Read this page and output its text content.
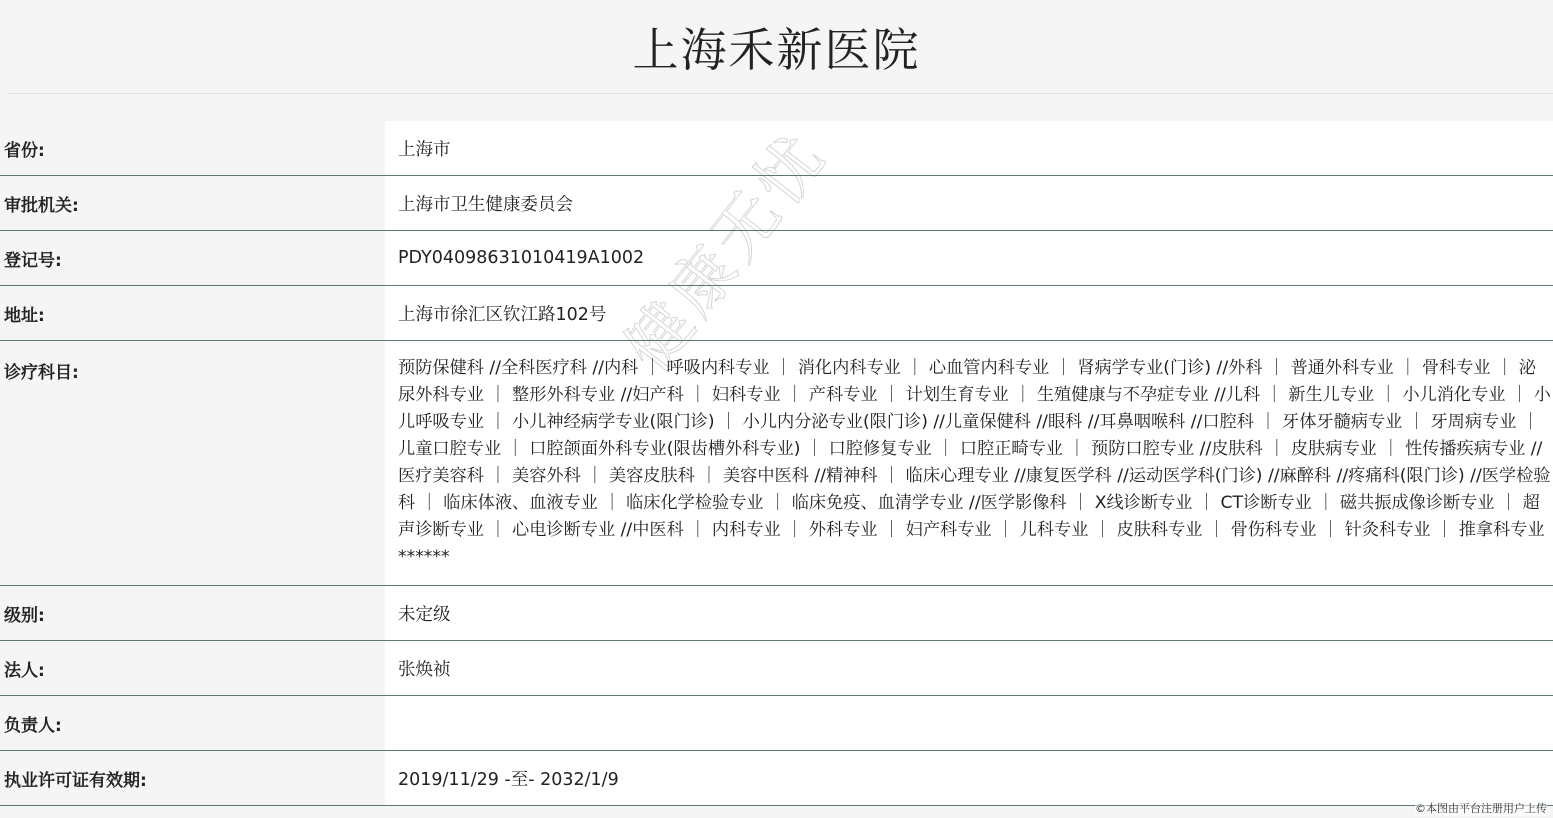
上海禾新医院
省份:	上海市
审批机关:	上海市卫生健康委员会
登记号:	PDY04098631010419A1002
地址:	上海市徐汇区钦江路102号
诊疗科目:	预防保健科 //全科医疗科 //内科 ｜ 呼吸内科专业 ｜ 消化内科专业 ｜ 心血管内科专业 ｜ 肾病学专业(门诊) //外科 ｜ 普通外科专业 ｜ 骨科专业 ｜ 泌尿外科专业 ｜ 整形外科专业 //妇产科 ｜ 妇科专业 ｜ 产科专业 ｜ 计划生育专业 ｜ 生殖健康与不孕症专业 //儿科 ｜ 新生儿专业 ｜ 小儿消化专业 ｜ 小儿呼吸专业 ｜ 小儿神经病学专业(限门诊) ｜ 小儿内分泌专业(限门诊) //儿童保健科 //眼科 //耳鼻咽喉科 //口腔科 ｜ 牙体牙髓病专业 ｜ 牙周病专业 ｜ 儿童口腔专业 ｜ 口腔颌面外科专业(限齿槽外科专业) ｜ 口腔修复专业 ｜ 口腔正畸专业 ｜ 预防口腔专业 //皮肤科 ｜ 皮肤病专业 ｜ 性传播疾病专业 //医疗美容科 ｜ 美容外科 ｜ 美容皮肤科 ｜ 美容中医科 //精神科 ｜ 临床心理专业 //康复医学科 //运动医学科(门诊) //麻醉科 //疼痛科(限门诊) //医学检验科 ｜ 临床体液、血液专业 ｜ 临床化学检验专业 ｜ 临床免疫、血清学专业 //医学影像科 ｜ X线诊断专业 ｜ CT诊断专业 ｜ 磁共振成像诊断专业 ｜ 超声诊断专业 ｜ 心电诊断专业 //中医科 ｜ 内科专业 ｜ 外科专业 ｜ 妇产科专业 ｜ 儿科专业 ｜ 皮肤科专业 ｜ 骨伤科专业 ｜ 针灸科专业 ｜ 推拿科专业******
级别:	未定级
法人:	张焕祯
负责人:
执业许可证有效期:	2019/11/29 -至- 2032/1/9
©本图由平台注册用户上传
